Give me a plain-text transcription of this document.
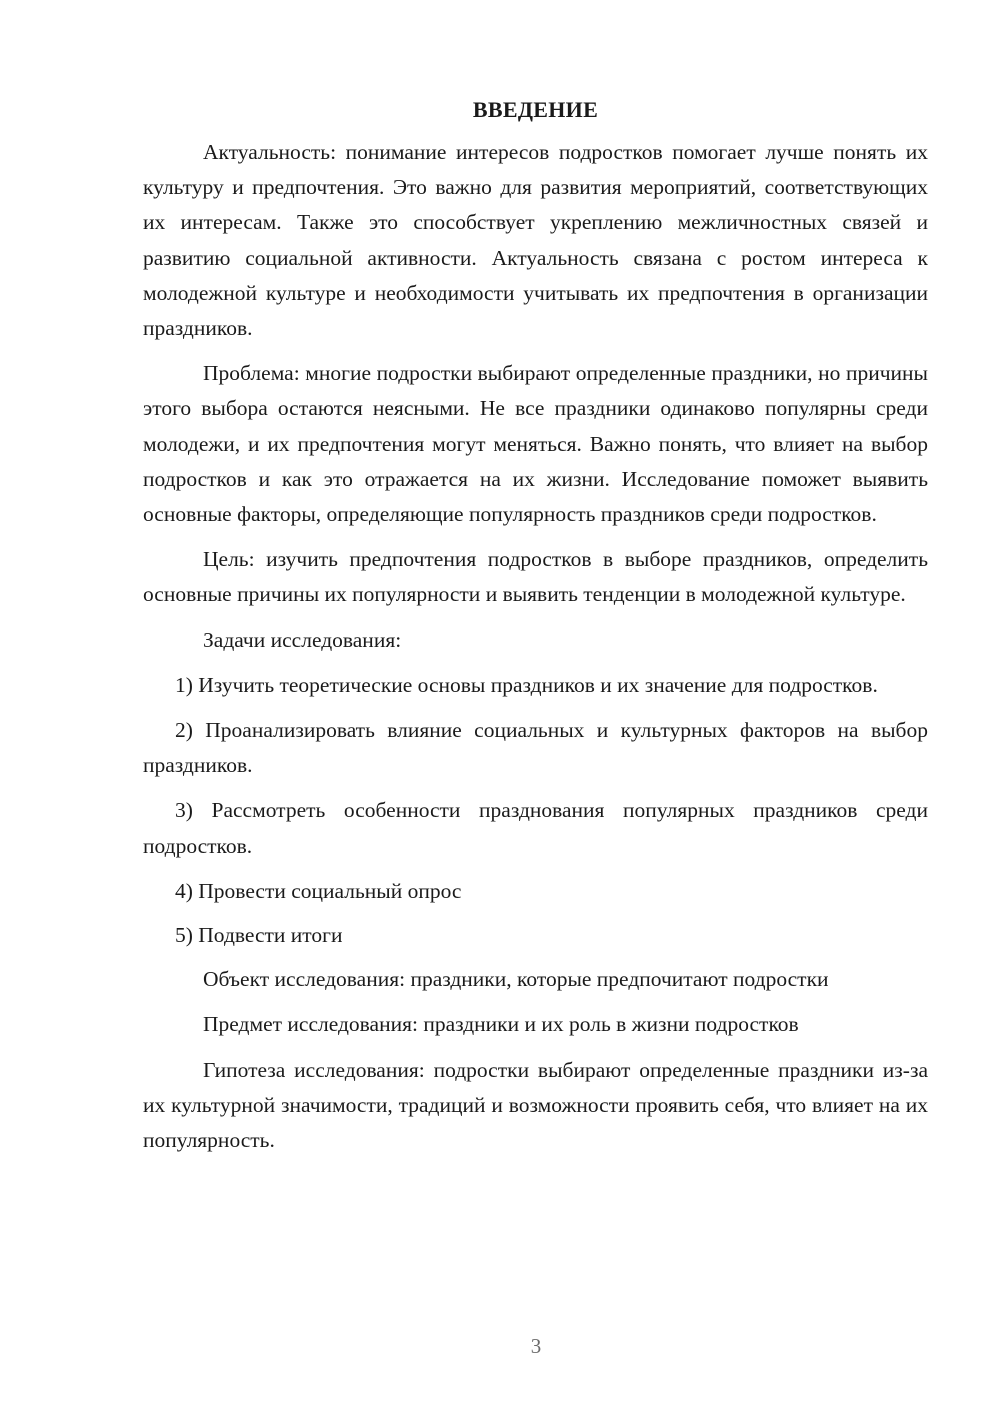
ВВЕДЕНИЕ

Актуальность: понимание интересов подростков помогает лучше понять их культуру и предпочтения. Это важно для развития мероприятий, соответствующих их интересам. Также это способствует укреплению межличностных связей и развитию социальной активности. Актуальность связана с ростом интереса к молодежной культуре и необходимости учитывать их предпочтения в организации праздников.

Проблема: многие подростки выбирают определенные праздники, но причины этого выбора остаются неясными. Не все праздники одинаково популярны среди молодежи, и их предпочтения могут меняться. Важно понять, что влияет на выбор подростков и как это отражается на их жизни. Исследование поможет выявить основные факторы, определяющие популярность праздников среди подростков.

Цель: изучить предпочтения подростков в выборе праздников, определить основные причины их популярности и выявить тенденции в молодежной культуре.

Задачи исследования:

1) Изучить теоретические основы праздников и их значение для подростков.

2) Проанализировать влияние социальных и культурных факторов на выбор праздников.

3) Рассмотреть особенности празднования популярных праздников среди подростков.

4) Провести социальный опрос

5) Подвести итоги

Объект исследования: праздники, которые предпочитают подростки

Предмет исследования: праздники и их роль в жизни подростков

Гипотеза исследования: подростки выбирают определенные праздники из-за их культурной значимости, традиций и возможности проявить себя, что влияет на их популярность.

3
